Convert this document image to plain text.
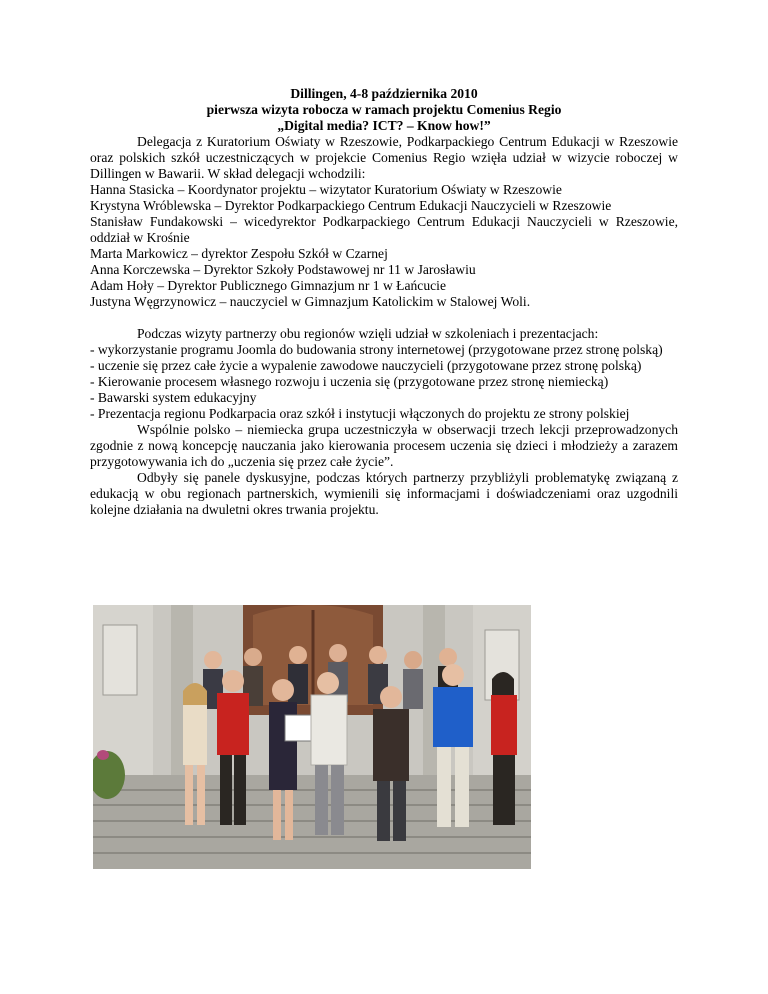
Dillingen, 4-8 października 2010

pierwsza wizyta robocza w ramach projektu Comenius Regio

„Digital media? ICT? – Know how!”

Delegacja z Kuratorium Oświaty w Rzeszowie, Podkarpackiego Centrum Edukacji w Rzeszowie oraz polskich szkół uczestniczących w projekcie Comenius Regio wzięła udział w wizycie roboczej w Dillingen w Bawarii. W skład delegacji wchodzili:

Hanna Stasicka – Koordynator projektu – wizytator Kuratorium Oświaty w Rzeszowie

Krystyna Wróblewska – Dyrektor Podkarpackiego Centrum Edukacji Nauczycieli w Rzeszowie

Stanisław Fundakowski – wicedyrektor Podkarpackiego Centrum Edukacji Nauczycieli w Rzeszowie, oddział w Krośnie

Marta Markowicz – dyrektor Zespołu Szkół w Czarnej

Anna Korczewska – Dyrektor Szkoły Podstawowej nr 11 w Jarosławiu

Adam Hoły – Dyrektor Publicznego Gimnazjum nr 1 w Łańcucie

Justyna Węgrzynowicz – nauczyciel w Gimnazjum Katolickim w Stalowej Woli.

Podczas wizyty partnerzy obu regionów wzięli udział w szkoleniach i prezentacjach:

- wykorzystanie programu Joomla do budowania strony internetowej (przygotowane przez stronę polską)

- uczenie się przez całe życie a wypalenie zawodowe nauczycieli (przygotowane przez stronę polską)

- Kierowanie procesem własnego rozwoju i uczenia się (przygotowane przez stronę niemiecką)

- Bawarski system edukacyjny

- Prezentacja regionu Podkarpacia oraz szkół i instytucji włączonych do projektu ze strony polskiej

Wspólnie polsko – niemiecka grupa uczestniczyła w obserwacji trzech lekcji przeprowadzonych zgodnie z nową koncepcję nauczania jako kierowania procesem uczenia się dzieci i młodzieży a zarazem przygotowywania ich do „uczenia się przez całe życie”.

Odbyły się panele dyskusyjne, podczas których partnerzy przybliżyli problematykę związaną z edukacją w obu regionach partnerskich, wymienili się informacjami i doświadczeniami oraz uzgodnili kolejne działania na dwuletni okres trwania projektu.
